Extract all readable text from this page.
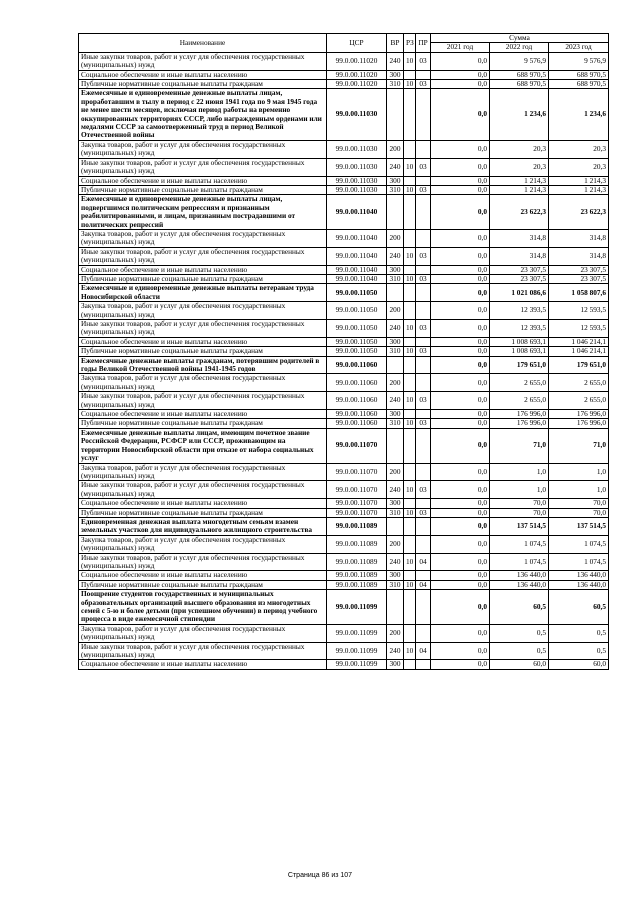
Наименование	ЦСР	ВР	РЗ	ПР	Сумма		
					2021 год	2022 год	2023 год
Иные закупки товаров, работ и услуг для обеспечения государственных (муниципальных) нужд	99.0.00.11020	240	10	03	0,0	9 576,9	9 576,9
Социальное обеспечение и иные выплаты населению	99.0.00.11020	300			0,0	688 970,5	688 970,5
Публичные нормативные социальные выплаты гражданам	99.0.00.11020	310	10	03	0,0	688 970,5	688 970,5
Ежемесячные и единовременные денежные выплаты лицам, проработавшим в тылу в период с 22 июня 1941 года по 9 мая 1945 года не менее шести месяцев, исключая период работы на временно оккупированных территориях СССР, либо награжденным орденами или медалями СССР за самоотверженный труд в период Великой Отечественной войны	99.0.00.11030				0,0	1 234,6	1 234,6
Закупка товаров, работ и услуг для обеспечения государственных (муниципальных) нужд	99.0.00.11030	200			0,0	20,3	20,3
Иные закупки товаров, работ и услуг для обеспечения государственных (муниципальных) нужд	99.0.00.11030	240	10	03	0,0	20,3	20,3
Социальное обеспечение и иные выплаты населению	99.0.00.11030	300			0,0	1 214,3	1 214,3
Публичные нормативные социальные выплаты гражданам	99.0.00.11030	310	10	03	0,0	1 214,3	1 214,3
Ежемесячные и единовременные денежные выплаты лицам, подвергшимся политическим репрессиям и признанным реабилитированными, и лицам, признанным пострадавшими от политических репрессий	99.0.00.11040				0,0	23 622,3	23 622,3
Закупка товаров, работ и услуг для обеспечения государственных (муниципальных) нужд	99.0.00.11040	200			0,0	314,8	314,8
Иные закупки товаров, работ и услуг для обеспечения государственных (муниципальных) нужд	99.0.00.11040	240	10	03	0,0	314,8	314,8
Социальное обеспечение и иные выплаты населению	99.0.00.11040	300			0,0	23 307,5	23 307,5
Публичные нормативные социальные выплаты гражданам	99.0.00.11040	310	10	03	0,0	23 307,5	23 307,5
Ежемесячные и единовременные денежные выплаты ветеранам труда Новосибирской области	99.0.00.11050				0,0	1 021 086,6	1 058 807,6
Закупка товаров, работ и услуг для обеспечения государственных (муниципальных) нужд	99.0.00.11050	200			0,0	12 393,5	12 593,5
Иные закупки товаров, работ и услуг для обеспечения государственных (муниципальных) нужд	99.0.00.11050	240	10	03	0,0	12 393,5	12 593,5
Социальное обеспечение и иные выплаты населению	99.0.00.11050	300			0,0	1 008 693,1	1 046 214,1
Публичные нормативные социальные выплаты гражданам	99.0.00.11050	310	10	03	0,0	1 008 693,1	1 046 214,1
Ежемесячные денежные выплаты гражданам, потерявшим родителей в годы Великой Отечественной войны 1941-1945 годов	99.0.00.11060				0,0	179 651,0	179 651,0
Закупка товаров, работ и услуг для обеспечения государственных (муниципальных) нужд	99.0.00.11060	200			0,0	2 655,0	2 655,0
Иные закупки товаров, работ и услуг для обеспечения государственных (муниципальных) нужд	99.0.00.11060	240	10	03	0,0	2 655,0	2 655,0
Социальное обеспечение и иные выплаты населению	99.0.00.11060	300			0,0	176 996,0	176 996,0
Публичные нормативные социальные выплаты гражданам	99.0.00.11060	310	10	03	0,0	176 996,0	176 996,0
Ежемесячные денежные выплаты лицам, имеющим почетное звание Российской Федерации, РСФСР или СССР, проживающим на территории Новосибирской области при отказе от набора социальных услуг	99.0.00.11070				0,0	71,0	71,0
Закупка товаров, работ и услуг для обеспечения государственных (муниципальных) нужд	99.0.00.11070	200			0,0	1,0	1,0
Иные закупки товаров, работ и услуг для обеспечения государственных (муниципальных) нужд	99.0.00.11070	240	10	03	0,0	1,0	1,0
Социальное обеспечение и иные выплаты населению	99.0.00.11070	300			0,0	70,0	70,0
Публичные нормативные социальные выплаты гражданам	99.0.00.11070	310	10	03	0,0	70,0	70,0
Единовременная денежная выплата многодетным семьям взамен земельных участков для индивидуального жилищного строительства	99.0.00.11089				0,0	137 514,5	137 514,5
Закупка товаров, работ и услуг для обеспечения государственных (муниципальных) нужд	99.0.00.11089	200			0,0	1 074,5	1 074,5
Иные закупки товаров, работ и услуг для обеспечения государственных (муниципальных) нужд	99.0.00.11089	240	10	04	0,0	1 074,5	1 074,5
Социальное обеспечение и иные выплаты населению	99.0.00.11089	300			0,0	136 440,0	136 440,0
Публичные нормативные социальные выплаты гражданам	99.0.00.11089	310	10	04	0,0	136 440,0	136 440,0
Поощрение студентов государственных и муниципальных образовательных организаций высшего образования из многодетных семей с 5-ю и более детьми (при успешном обучении) в период учебного процесса в виде ежемесячной стипендии	99.0.00.11099				0,0	60,5	60,5
Закупка товаров, работ и услуг для обеспечения государственных (муниципальных) нужд	99.0.00.11099	200			0,0	0,5	0,5
Иные закупки товаров, работ и услуг для обеспечения государственных (муниципальных) нужд	99.0.00.11099	240	10	04	0,0	0,5	0,5
Социальное обеспечение и иные выплаты населению	99.0.00.11099	300			0,0	60,0	60,0
Страница 86 из 107
